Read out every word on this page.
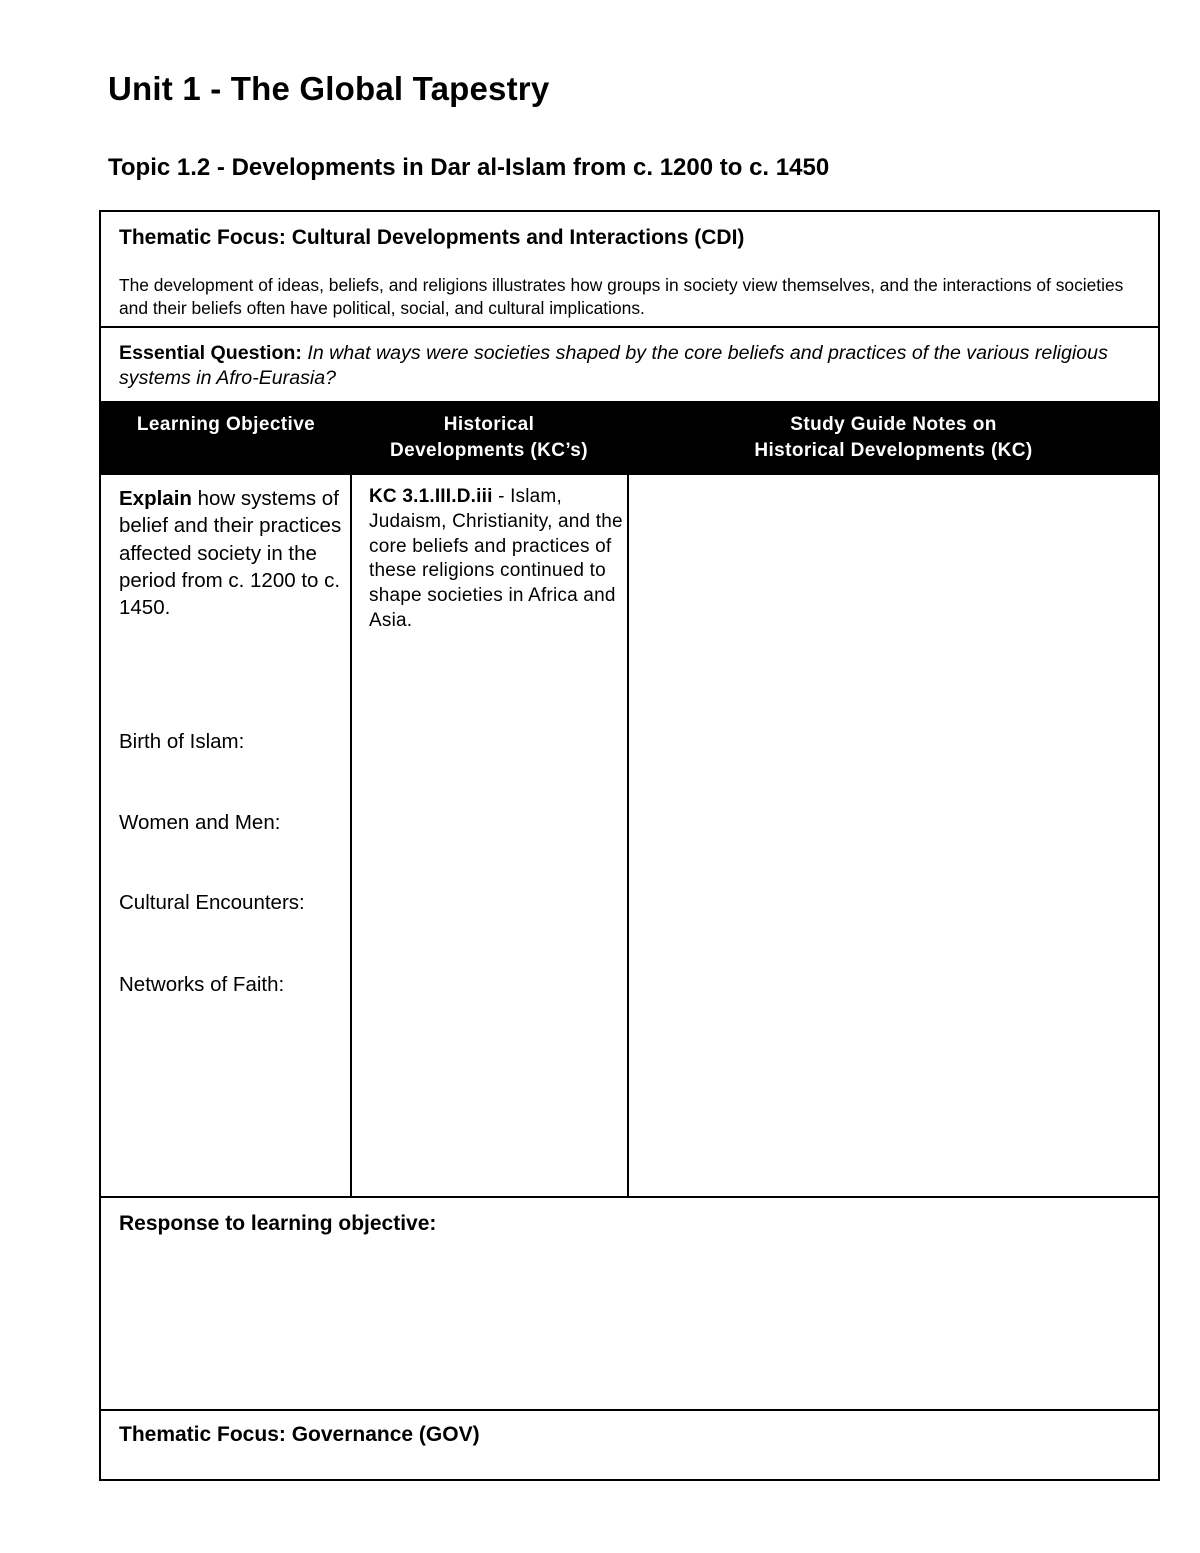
Unit 1 - The Global Tapestry
Topic 1.2 - Developments in Dar al-Islam from c. 1200 to c. 1450
Thematic Focus: Cultural Developments and Interactions (CDI)
The development of ideas, beliefs, and religions illustrates how groups in society view themselves, and the interactions of societies and their beliefs often have political, social, and cultural implications.
Essential Question: In what ways were societies shaped by the core beliefs and practices of the various religious systems in Afro-Eurasia?
Learning Objective	Historical
Developments (KC’s)
Study Guide Notes on
Historical Developments (KC)
Explain how systems of belief and their practices affected society in the period from c. 1200 to c. 1450.
Birth of Islam:
Women and Men:
Cultural Encounters:
Networks of Faith:
KC 3.1.III.D.iii - Islam, Judaism, Christianity, and the core beliefs and practices of these religions continued to shape societies in Africa and Asia.
Response to learning objective:
Thematic Focus: Governance (GOV)
